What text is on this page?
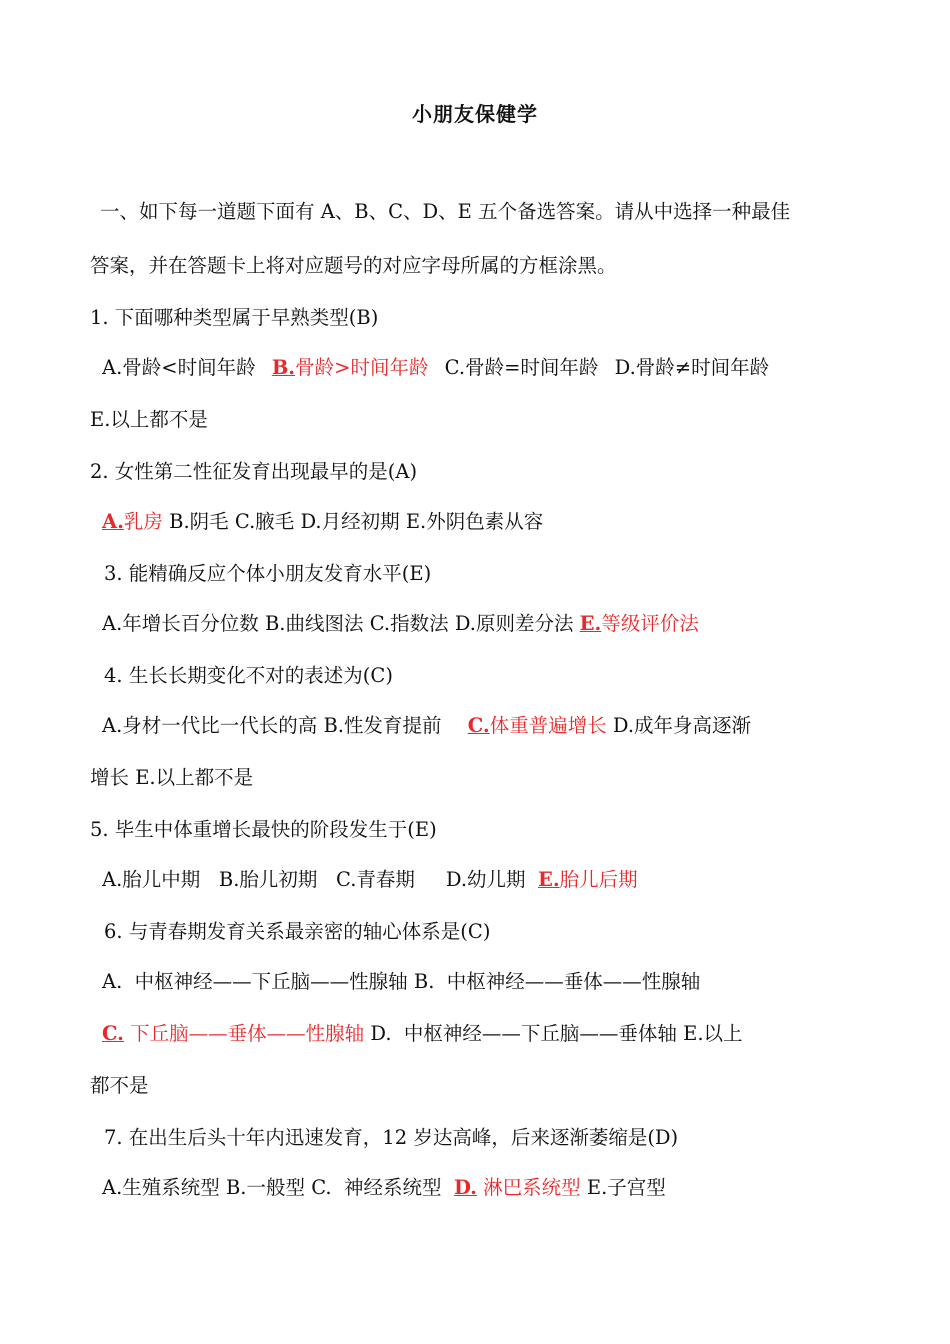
小朋友保健学
一、如下每一道题下面有 A、B、C、D、E 五个备选答案。请从中选择一种最佳
答案，并在答题卡上将对应题号的对应字母所属的方框涂黑。
1. 下面哪种类型属于早熟类型(B)
A.骨龄<时间年龄 B.骨龄>时间年龄 C.骨龄=时间年龄 D.骨龄≠时间年龄
E.以上都不是
2. 女性第二性征发育出现最早的是(A)
A.乳房 B.阴毛 C.腋毛 D.月经初期 E.外阴色素从容
3. 能精确反应个体小朋友发育水平(E)
A.年增长百分位数 B.曲线图法 C.指数法 D.原则差分法 E.等级评价法
4. 生长长期变化不对的表述为(C)
A.身材一代比一代长的高 B.性发育提前 C.体重普遍增长 D.成年身高逐渐
增长 E.以上都不是
5. 毕生中体重增长最快的阶段发生于(E)
A.胎儿中期   B.胎儿初期   C.青春期     D.幼儿期 E.胎儿后期
6. 与青春期发育关系最亲密的轴心体系是(C)
A.  中枢神经——下丘脑——性腺轴 B.  中枢神经——垂体——性腺轴
C. 下丘脑——垂体——性腺轴 D.  中枢神经——下丘脑——垂体轴 E.以上
都不是
7. 在出生后头十年内迅速发育，12 岁达高峰，后来逐渐萎缩是(D)
A.生殖系统型 B.一般型 C.  神经系统型 D. 淋巴系统型 E.子宫型
